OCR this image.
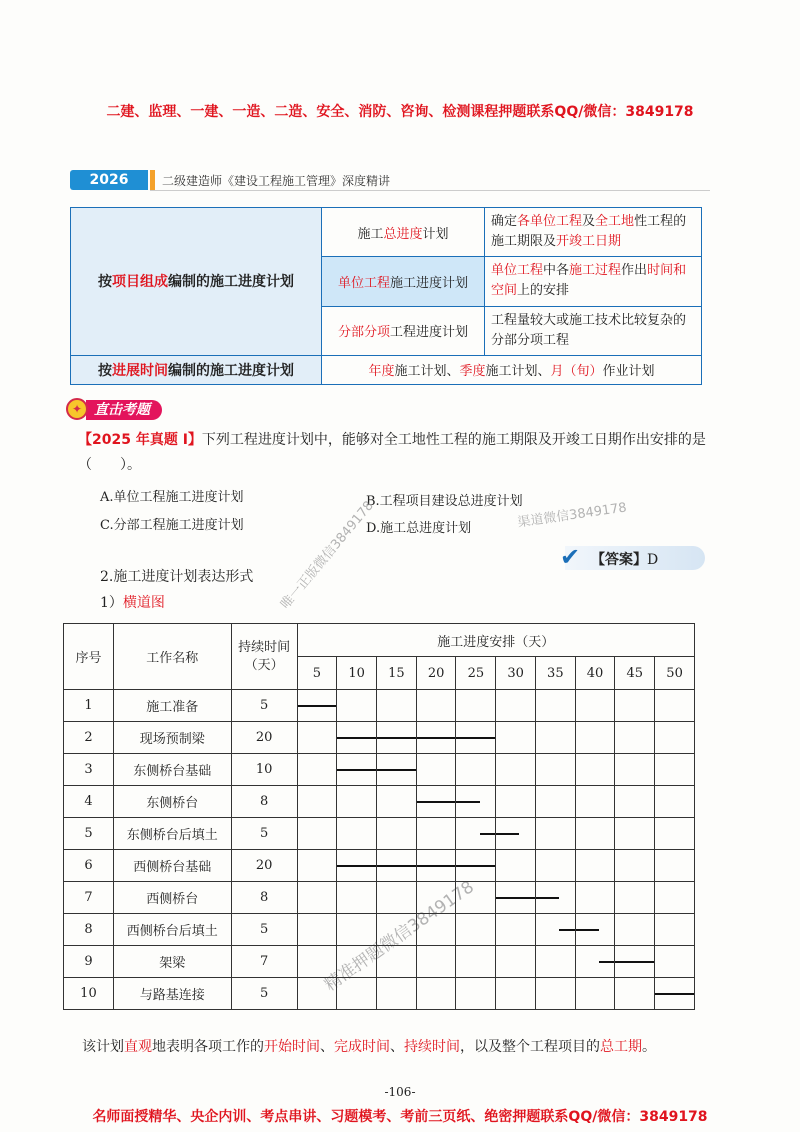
二建、监理、一建、一造、二造、安全、消防、咨询、检测课程押题联系QQ/微信：3849178
2026	二级建造师《建设工程施工管理》深度精讲
按项目组成编制的施工进度计划	施工总进度计划	确定各单位工程及全工地性工程的施工期限及开竣工日期
	单位工程施工进度计划	单位工程中各施工过程作出时间和空间上的安排
	分部分项工程进度计划	工程量较大或施工技术比较复杂的分部分项工程
按进展时间编制的施工进度计划	年度施工计划、季度施工计划、月（旬）作业计划	
直击考题
✦
【2025 年真题 I】下列工程进度计划中，能够对全工地性工程的施工期限及开竣工日期作出安排的是（　　）。
A.单位工程施工进度计划	B.工程项目建设总进度计划
C.分部工程施工进度计划	D.施工总进度计划	渠道微信3849178
唯一正版微信3849178
精准押题微信3849178
✔ 【答案】D
2.施工进度计划表达形式
1）横道图
序号	工作名称	持续时间（天）	施工进度安排（天）									
			5	10	15	20	25	30	35	40	45	50
1	施工准备	5	

2	现场预制梁	20		

3	东侧桥台基础	10		

4	东侧桥台	8				

5	东侧桥台后填土	5					

6	西侧桥台基础	20		

7	西侧桥台	8						

8	西侧桥台后填土	5							

9	架梁	7								

10	与路基连接	5										
该计划直观地表明各项工作的开始时间、完成时间、持续时间，以及整个工程项目的总工期。
-106-
名师面授精华、央企内训、考点串讲、习题模考、考前三页纸、绝密押题联系QQ/微信：3849178
